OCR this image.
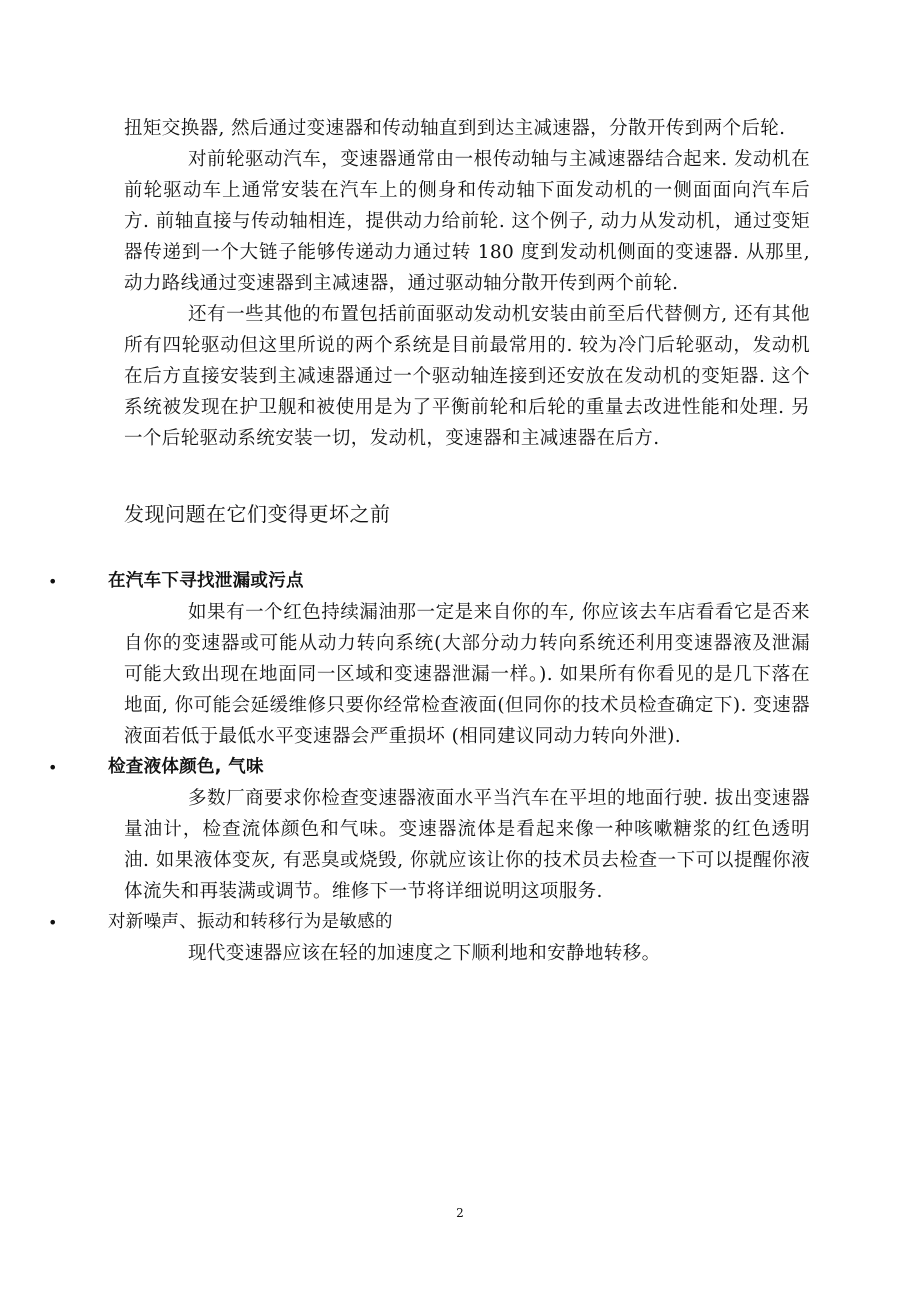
扭矩交换器, 然后通过变速器和传动轴直到到达主减速器，分散开传到两个后轮.

对前轮驱动汽车，变速器通常由一根传动轴与主减速器结合起来. 发动机在前轮驱动车上通常安装在汽车上的侧身和传动轴下面发动机的一侧面面向汽车后方. 前轴直接与传动轴相连，提供动力给前轮. 这个例子, 动力从发动机，通过变矩器传递到一个大链子能够传递动力通过转 180 度到发动机侧面的变速器. 从那里, 动力路线通过变速器到主减速器，通过驱动轴分散开传到两个前轮.

还有一些其他的布置包括前面驱动发动机安装由前至后代替侧方, 还有其他所有四轮驱动但这里所说的两个系统是目前最常用的. 较为冷门后轮驱动，发动机在后方直接安装到主减速器通过一个驱动轴连接到还安放在发动机的变矩器. 这个系统被发现在护卫舰和被使用是为了平衡前轮和后轮的重量去改进性能和处理. 另一个后轮驱动系统安装一切，发动机，变速器和主减速器在后方.

发现问题在它们变得更坏之前
•	在汽车下寻找泄漏或污点

如果有一个红色持续漏油那一定是来自你的车, 你应该去车店看看它是否来自你的变速器或可能从动力转向系统(大部分动力转向系统还利用变速器液及泄漏可能大致出现在地面同一区域和变速器泄漏一样。). 如果所有你看见的是几下落在地面, 你可能会延缓维修只要你经常检查液面(但同你的技术员检查确定下). 变速器液面若低于最低水平变速器会严重损坏 (相同建议同动力转向外泄).

•	检查液体颜色, 气味

多数厂商要求你检查变速器液面水平当汽车在平坦的地面行驶. 拔出变速器量油计，检查流体颜色和气味。变速器流体是看起来像一种咳嗽糖浆的红色透明油. 如果液体变灰, 有恶臭或烧毁, 你就应该让你的技术员去检查一下可以提醒你液体流失和再装满或调节。维修下一节将详细说明这项服务.

•	对新噪声、振动和转移行为是敏感的

现代变速器应该在轻的加速度之下顺利地和安静地转移。

2
